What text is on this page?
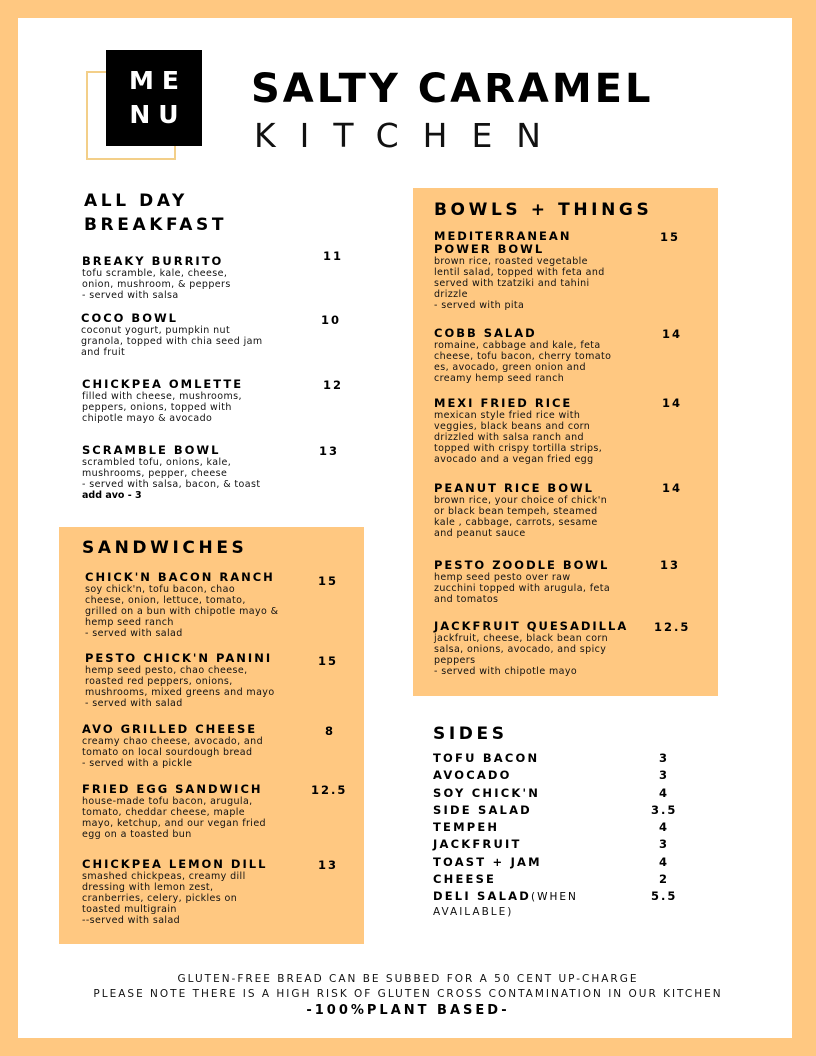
ME
NU
SALTY CARAMEL
KITCHEN
ALL DAY
BREAKFAST
BREAKY BURRITO
tofu scramble, kale, cheese,
onion, mushroom, & peppers
- served with salsa
11
COCO BOWL
coconut yogurt, pumpkin nut
granola, topped with chia seed jam
and fruit
10
CHICKPEA OMLETTE
filled with cheese, mushrooms,
peppers, onions, topped with
chipotle mayo & avocado
12
SCRAMBLE BOWL
scrambled tofu, onions, kale,
mushrooms, pepper, cheese
- served with salsa, bacon, & toast
add avo - 3
13
SANDWICHES
CHICK'N BACON RANCH
soy chick'n, tofu bacon, chao
cheese, onion, lettuce, tomato,
grilled on a bun with chipotle mayo &
hemp seed ranch
- served with salad
15
PESTO CHICK'N PANINI
hemp seed pesto, chao cheese,
roasted red peppers, onions,
mushrooms, mixed greens and mayo
- served with salad
15
AVO GRILLED CHEESE
creamy chao cheese, avocado, and
tomato on local sourdough bread
- served with a pickle
8
FRIED EGG SANDWICH
house-made tofu bacon, arugula,
tomato, cheddar cheese, maple
mayo, ketchup, and our vegan fried
egg on a toasted bun
12.5
CHICKPEA LEMON DILL
smashed chickpeas, creamy dill
dressing with lemon zest,
cranberries, celery, pickles on
toasted multigrain
--served with salad
13
BOWLS + THINGS
MEDITERRANEAN
POWER BOWL
brown rice, roasted vegetable
lentil salad, topped with feta and
served with tzatziki and tahini
drizzle
- served with pita
15
COBB SALAD
romaine, cabbage and kale, feta
cheese, tofu bacon, cherry tomato
es, avocado, green onion and
creamy hemp seed ranch
14
MEXI FRIED RICE
mexican style fried rice with
veggies, black beans and corn
drizzled with salsa ranch and
topped with crispy tortilla strips,
avocado and a vegan fried egg
14
PEANUT RICE BOWL
brown rice, your choice of chick'n
or black bean tempeh, steamed
kale , cabbage, carrots, sesame
and peanut sauce
14
PESTO ZOODLE BOWL
hemp seed pesto over raw
zucchini topped with arugula, feta
and tomatos
13
JACKFRUIT QUESADILLA
jackfruit, cheese, black bean corn
salsa, onions, avocado, and spicy
peppers
- served with chipotle mayo
12.5
SIDES
TOFU BACON	3
AVOCADO	3
SOY CHICK'N	4
SIDE SALAD	3.5
TEMPEH	4
JACKFRUIT	3
TOAST + JAM	4
CHEESE	2
DELI SALAD(WHEN	5.5
AVAILABLE)
GLUTEN-FREE BREAD CAN BE SUBBED FOR A 50 CENT UP-CHARGE
PLEASE NOTE THERE IS A HIGH RISK OF GLUTEN CROSS CONTAMINATION IN OUR KITCHEN
-100%PLANT BASED-
